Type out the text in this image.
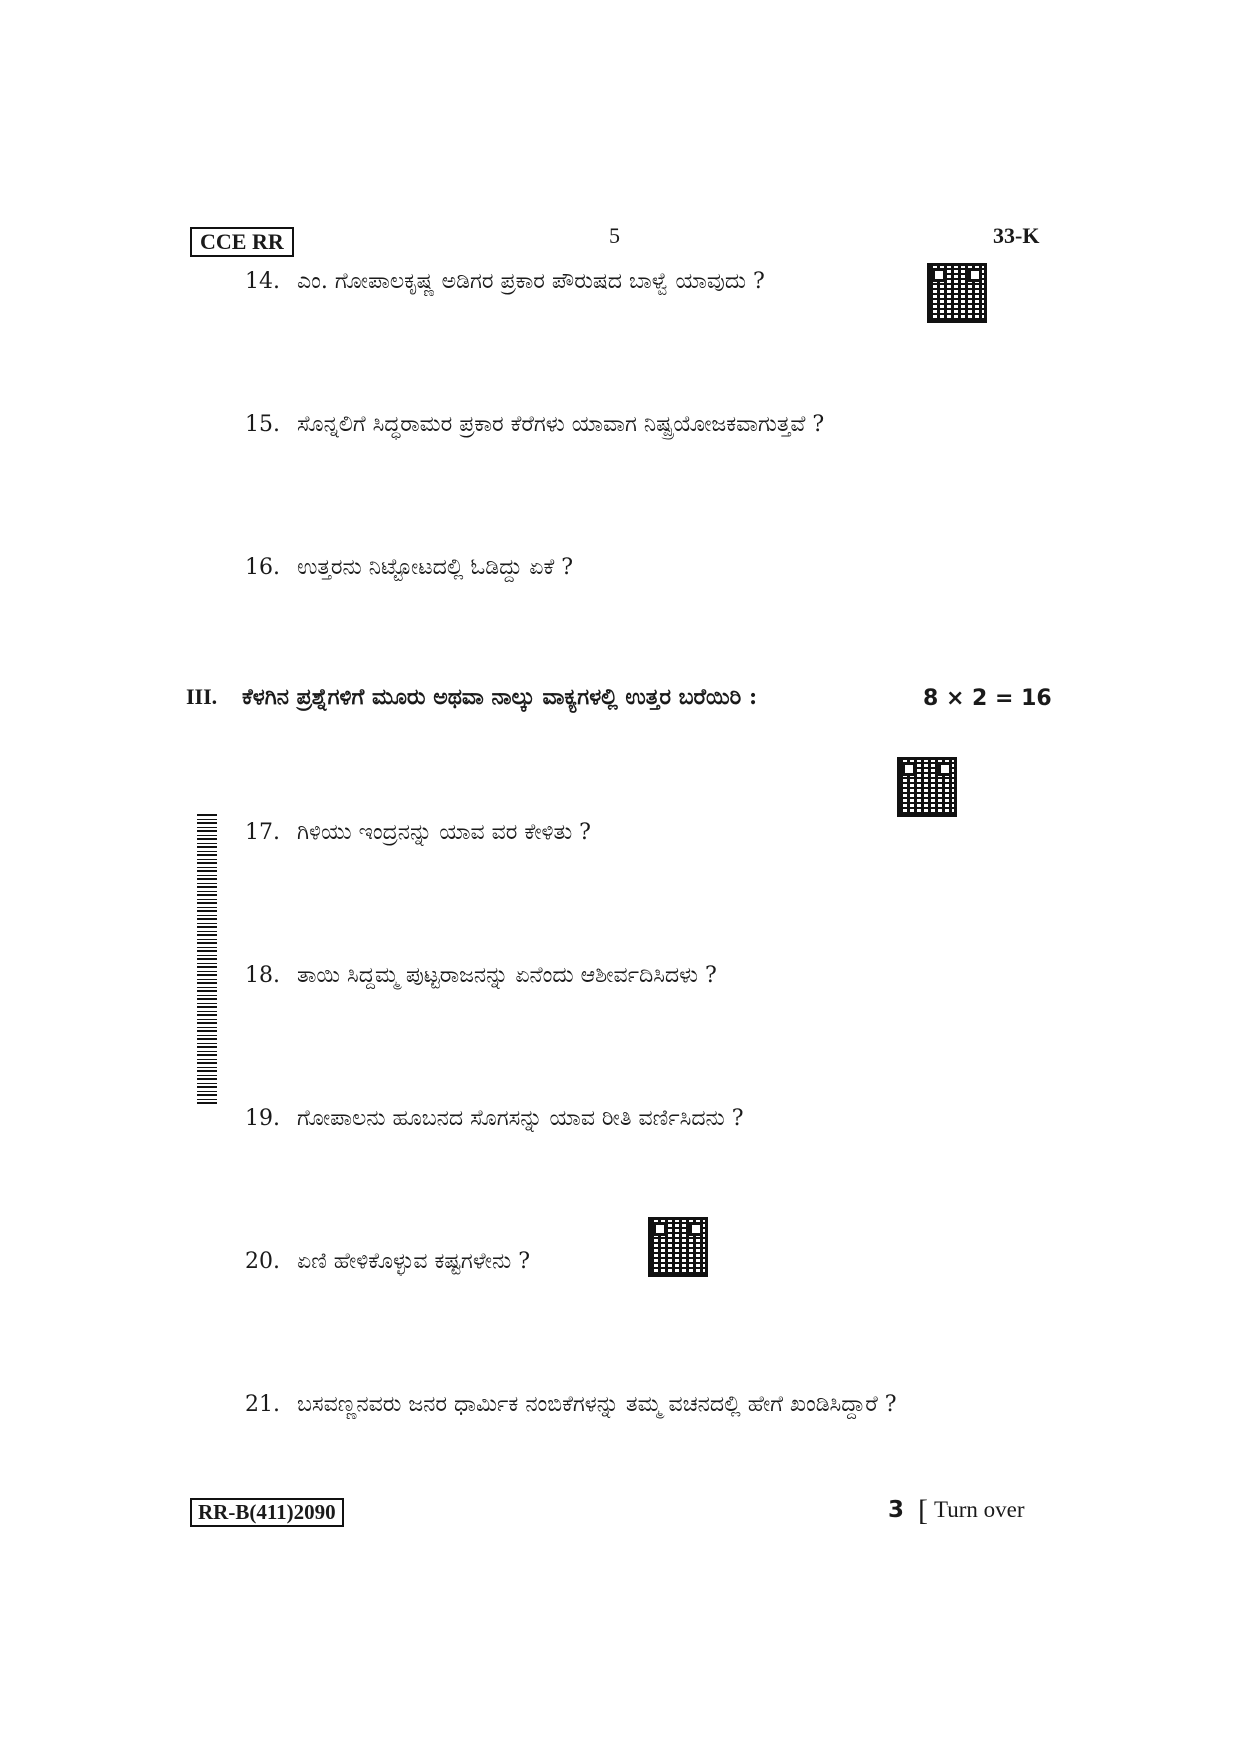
CCE RR	5	33-K
14. ಎಂ. ಗೋಪಾಲಕೃಷ್ಣ ಅಡಿಗರ ಪ್ರಕಾರ ಪೌರುಷದ ಬಾಳ್ವೆ ಯಾವುದು ?
15. ಸೊನ್ನಲಿಗೆ ಸಿದ್ಧರಾಮರ ಪ್ರಕಾರ ಕೆರೆಗಳು ಯಾವಾಗ ನಿಷ್ಪ್ರಯೋಜಕವಾಗುತ್ತವೆ ?
16. ಉತ್ತರನು ನಿಟ್ಟೋಟದಲ್ಲಿ ಓಡಿದ್ದು ಏಕೆ ?
III. ಕೆಳಗಿನ ಪ್ರಶ್ನೆಗಳಿಗೆ ಮೂರು ಅಥವಾ ನಾಲ್ಕು ವಾಕ್ಯಗಳಲ್ಲಿ ಉತ್ತರ ಬರೆಯಿರಿ :	8 × 2 = 16
17. ಗಿಳಿಯು ಇಂದ್ರನನ್ನು ಯಾವ ವರ ಕೇಳಿತು ?
18. ತಾಯಿ ಸಿದ್ದಮ್ಮ ಪುಟ್ಟರಾಜನನ್ನು ಏನೆಂದು ಆಶೀರ್ವದಿಸಿದಳು ?
19. ಗೋಪಾಲನು ಹೂಬನದ ಸೊಗಸನ್ನು ಯಾವ ರೀತಿ ವರ್ಣಿಸಿದನು ?
20. ಏಣಿ ಹೇಳಿಕೊಳ್ಳುವ ಕಷ್ಟಗಳೇನು ?
21. ಬಸವಣ್ಣನವರು ಜನರ ಧಾರ್ಮಿಕ ನಂಬಿಕೆಗಳನ್ನು ತಮ್ಮ ವಚನದಲ್ಲಿ ಹೇಗೆ ಖಂಡಿಸಿದ್ದಾರೆ ?
RR-B(411)2090	3 [ Turn over
